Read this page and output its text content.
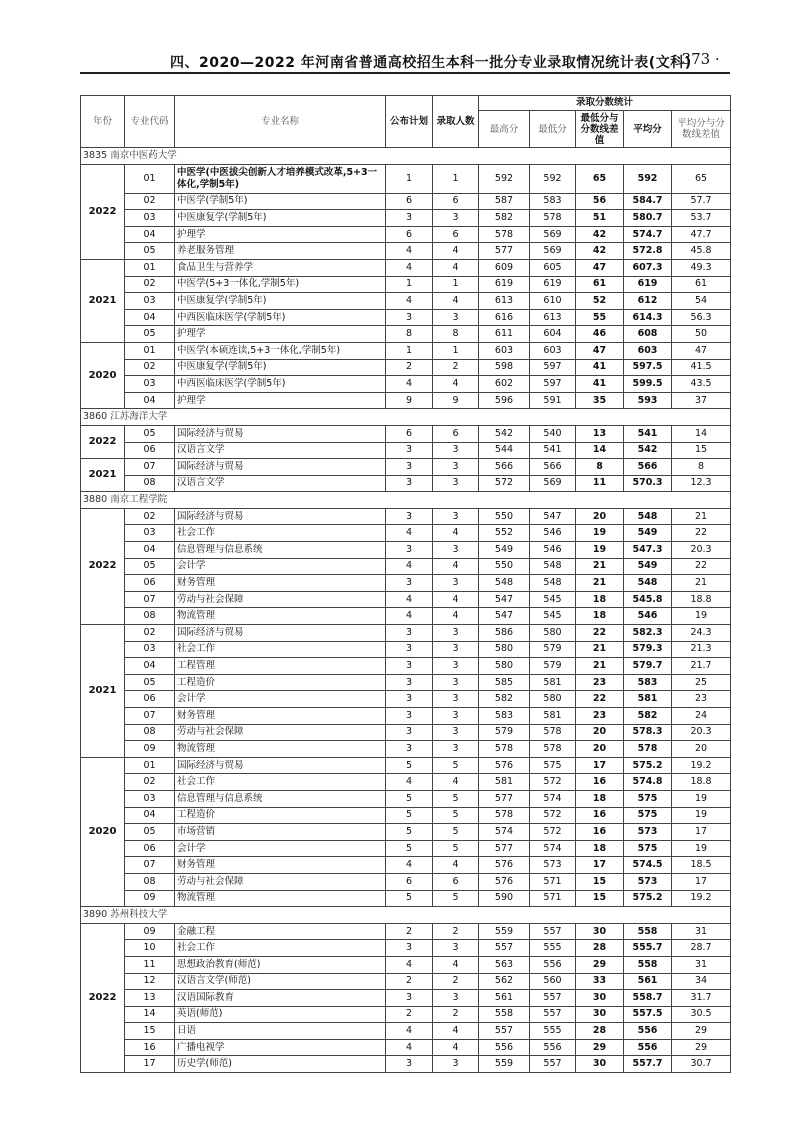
四、2020—2022 年河南省普通高校招生本科一批分专业录取情况统计表(文科)
· 373 ·
年份	专业代码	专业名称	公布计划	录取人数	录取分数统计				
					最高分	最低分	最低分与分数线差值	平均分	平均分与分数线差值
3835 南京中医药大学									
2022	01	中医学(中医拔尖创新人才培养模式改革,5+3一体化,学制5年)	1	1	592	592	65	592	65
	02	中医学(学制5年)	6	6	587	583	56	584.7	57.7
	03	中医康复学(学制5年)	3	3	582	578	51	580.7	53.7
	04	护理学	6	6	578	569	42	574.7	47.7
	05	养老服务管理	4	4	577	569	42	572.8	45.8
2021	01	食品卫生与营养学	4	4	609	605	47	607.3	49.3
	02	中医学(5+3一体化,学制5年)	1	1	619	619	61	619	61
	03	中医康复学(学制5年)	4	4	613	610	52	612	54
	04	中西医临床医学(学制5年)	3	3	616	613	55	614.3	56.3
	05	护理学	8	8	611	604	46	608	50
2020	01	中医学(本硕连读,5+3一体化,学制5年)	1	1	603	603	47	603	47
	02	中医康复学(学制5年)	2	2	598	597	41	597.5	41.5
	03	中西医临床医学(学制5年)	4	4	602	597	41	599.5	43.5
	04	护理学	9	9	596	591	35	593	37
3860 江苏海洋大学									
2022	05	国际经济与贸易	6	6	542	540	13	541	14
	06	汉语言文学	3	3	544	541	14	542	15
2021	07	国际经济与贸易	3	3	566	566	8	566	8
	08	汉语言文学	3	3	572	569	11	570.3	12.3
3880 南京工程学院									
2022	02	国际经济与贸易	3	3	550	547	20	548	21
	03	社会工作	4	4	552	546	19	549	22
	04	信息管理与信息系统	3	3	549	546	19	547.3	20.3
	05	会计学	4	4	550	548	21	549	22
	06	财务管理	3	3	548	548	21	548	21
	07	劳动与社会保障	4	4	547	545	18	545.8	18.8
	08	物流管理	4	4	547	545	18	546	19
2021	02	国际经济与贸易	3	3	586	580	22	582.3	24.3
	03	社会工作	3	3	580	579	21	579.3	21.3
	04	工程管理	3	3	580	579	21	579.7	21.7
	05	工程造价	3	3	585	581	23	583	25
	06	会计学	3	3	582	580	22	581	23
	07	财务管理	3	3	583	581	23	582	24
	08	劳动与社会保障	3	3	579	578	20	578.3	20.3
	09	物流管理	3	3	578	578	20	578	20
2020	01	国际经济与贸易	5	5	576	575	17	575.2	19.2
	02	社会工作	4	4	581	572	16	574.8	18.8
	03	信息管理与信息系统	5	5	577	574	18	575	19
	04	工程造价	5	5	578	572	16	575	19
	05	市场营销	5	5	574	572	16	573	17
	06	会计学	5	5	577	574	18	575	19
	07	财务管理	4	4	576	573	17	574.5	18.5
	08	劳动与社会保障	6	6	576	571	15	573	17
	09	物流管理	5	5	590	571	15	575.2	19.2
3890 苏州科技大学									
2022	09	金融工程	2	2	559	557	30	558	31
	10	社会工作	3	3	557	555	28	555.7	28.7
	11	思想政治教育(师范)	4	4	563	556	29	558	31
	12	汉语言文学(师范)	2	2	562	560	33	561	34
	13	汉语国际教育	3	3	561	557	30	558.7	31.7
	14	英语(师范)	2	2	558	557	30	557.5	30.5
	15	日语	4	4	557	555	28	556	29
	16	广播电视学	4	4	556	556	29	556	29
	17	历史学(师范)	3	3	559	557	30	557.7	30.7
